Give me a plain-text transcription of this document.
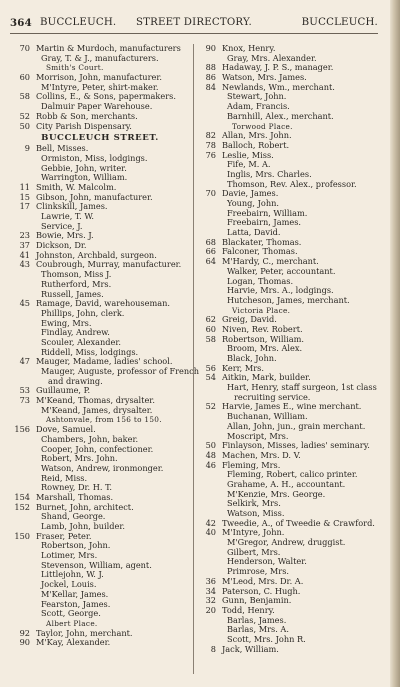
364 BUCCLEUCH.	STREET DIRECTORY.	BUCCLEUCH.
70 Martin & Murdoch, manufacturers
Gray, T. & J., manufacturers.
Smith's Court.
60 Morrison, John, manufacturer.
M'Intyre, Peter, shirt-maker.
58 Collins, E., & Sons, papermakers.
Dalmuir Paper Warehouse.
52 Robb & Son, merchants.
50 City Parish Dispensary.
BUCCLEUCH STREET.
9 Bell, Misses.
Ormiston, Miss, lodgings.
Gebbie, John, writer.
Warrington, William.
11 Smith, W. Malcolm.
15 Gibson, John, manufacturer.
17 Clinkskill, James.
Lawrie, T. W.
Service, J.
23 Bowie, Mrs. J.
37 Dickson, Dr.
41 Johnston, Archbald, surgeon.
43 Coubrough, Murray, manufacturer.
Thomson, Miss J.
Rutherford, Mrs.
Russell, James.
45 Ramage, David, warehouseman.
Phillips, John, clerk.
Ewing, Mrs.
Findlay, Andrew.
Scouler, Alexander.
Riddell, Miss, lodgings.
47 Mauger, Madame, ladies' school.
Mauger, Auguste, professor of French
and drawing.
53 Guillaume, P.
73 M'Keand, Thomas, drysalter.
M'Keand, James, drysalter.
Ashtonvale, from 156 to 150.
156 Dove, Samuel.
Chambers, John, baker.
Cooper, John, confectioner.
Robert, Mrs. John.
Watson, Andrew, ironmonger.
Reid, Miss.
Rowney, Dr. H. T.
154 Marshall, Thomas.
152 Burnet, John, architect.
Shand, George.
Lamb, John, builder.
150 Fraser, Peter.
Robertson, John.
Lotimer, Mrs.
Stevenson, William, agent.
Littlejohn, W. J.
Jockel, Louis.
M'Kellar, James.
Fearston, James.
Scott, George.
Albert Place.
92 Taylor, John, merchant.
90 M'Kay, Alexander.
90 Knox, Henry.
Gray, Mrs. Alexander.
88 Hadaway, J. P. S., manager.
86 Watson, Mrs. James.
84 Newlands, Wm., merchant.
Stewart, John.
Adam, Francis.
Barnhill, Alex., merchant.
Torwood Place.
82 Allan, Mrs. John.
78 Balloch, Robert.
76 Leslie, Miss.
Fife, M. A.
Inglis, Mrs. Charles.
Thomson, Rev. Alex., professor.
70 Davie, James.
Young, John.
Freebairn, William.
Freebairn, James.
Latta, David.
68 Blackater, Thomas.
66 Falconer, Thomas.
64 M'Hardy, C., merchant.
Walker, Peter, accountant.
Logan, Thomas.
Harvie, Mrs. A., lodgings.
Hutcheson, James, merchant.
Victoria Place.
62 Greig, David.
60 Niven, Rev. Robert.
58 Robertson, William.
Broom, Mrs. Alex.
Black, John.
56 Kerr, Mrs.
54 Aitkin, Mark, builder.
Hart, Henry, staff surgeon, 1st class
recruiting service.
52 Harvie, James E., wine merchant.
Buchanan, William.
Allan, John, jun., grain merchant.
Moscript, Mrs.
50 Finlayson, Misses, ladies' seminary.
48 Machen, Mrs. D. V.
46 Fleming, Mrs.
Fleming, Robert, calico printer.
Grahame, A. H., accountant.
M'Kenzie, Mrs. George.
Selkirk, Mrs.
Watson, Miss.
42 Tweedie, A., of Tweedie & Crawford.
40 M'Intyre, John.
M'Gregor, Andrew, druggist.
Gilbert, Mrs.
Henderson, Walter.
Primrose, Mrs.
36 M'Leod, Mrs. Dr. A.
34 Paterson, C. Hugh.
32 Gunn, Benjamin.
20 Todd, Henry.
Barlas, James.
Barlas, Mrs. A.
Scott, Mrs. John R.
8 Jack, William.
